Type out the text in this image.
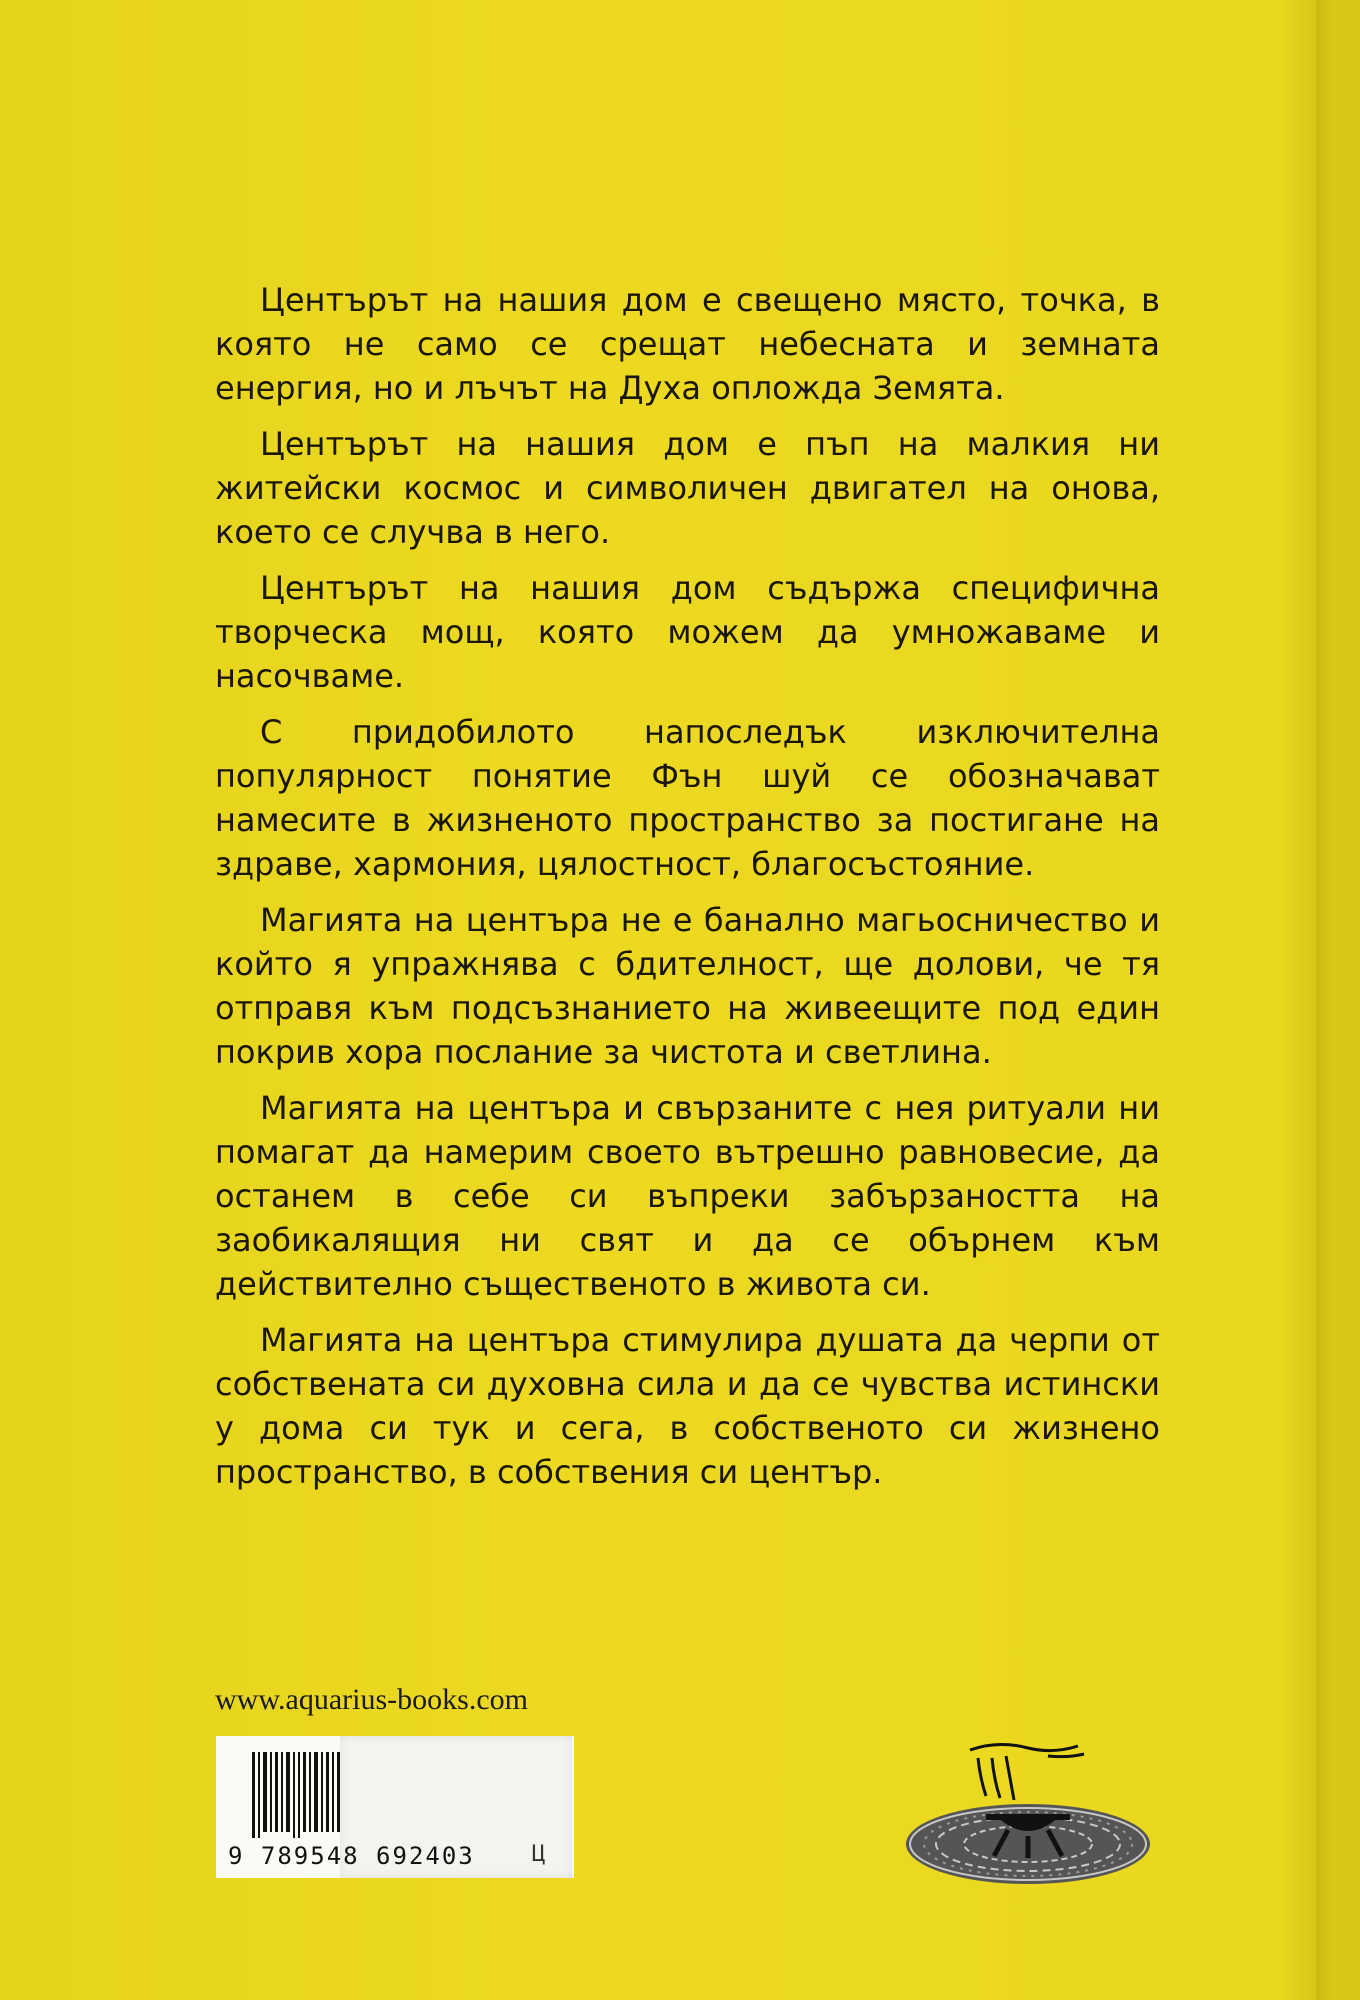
Центърът на нашия дом е свещено място, точка, в която не само се срещат небесната и земната енергия, но и лъчът на Духа опложда Земята.

Центърът на нашия дом е пъп на малкия ни житейски космос и символичен двигател на онова, което се случва в него.

Центърът на нашия дом съдържа специфична творческа мощ, която можем да умножаваме и насочваме.

С придобилото напоследък изключителна популярност понятие Фън шуй се обозначават намесите в жизненото пространство за постигане на здраве, хармония, цялостност, благосъстояние.

Магията на центъра не е банално магьосничество и който я упражнява с бдителност, ще долови, че тя отправя към подсъзнанието на живеещите под един покрив хора послание за чистота и светлина.

Магията на центъра и свързаните с нея ритуали ни помагат да намерим своето вътрешно равновесие, да останем в себе си въпреки забързаността на заобикалящия ни свят и да се обърнем към действително същественото в живота си.

Магията на центъра стимулира душата да черпи от собствената си духовна сила и да се чувства истински у дома си тук и сега, в собственото си жизнено пространство, в собствения си център.

www.aquarius-books.com
9 789548 692403	Ц
